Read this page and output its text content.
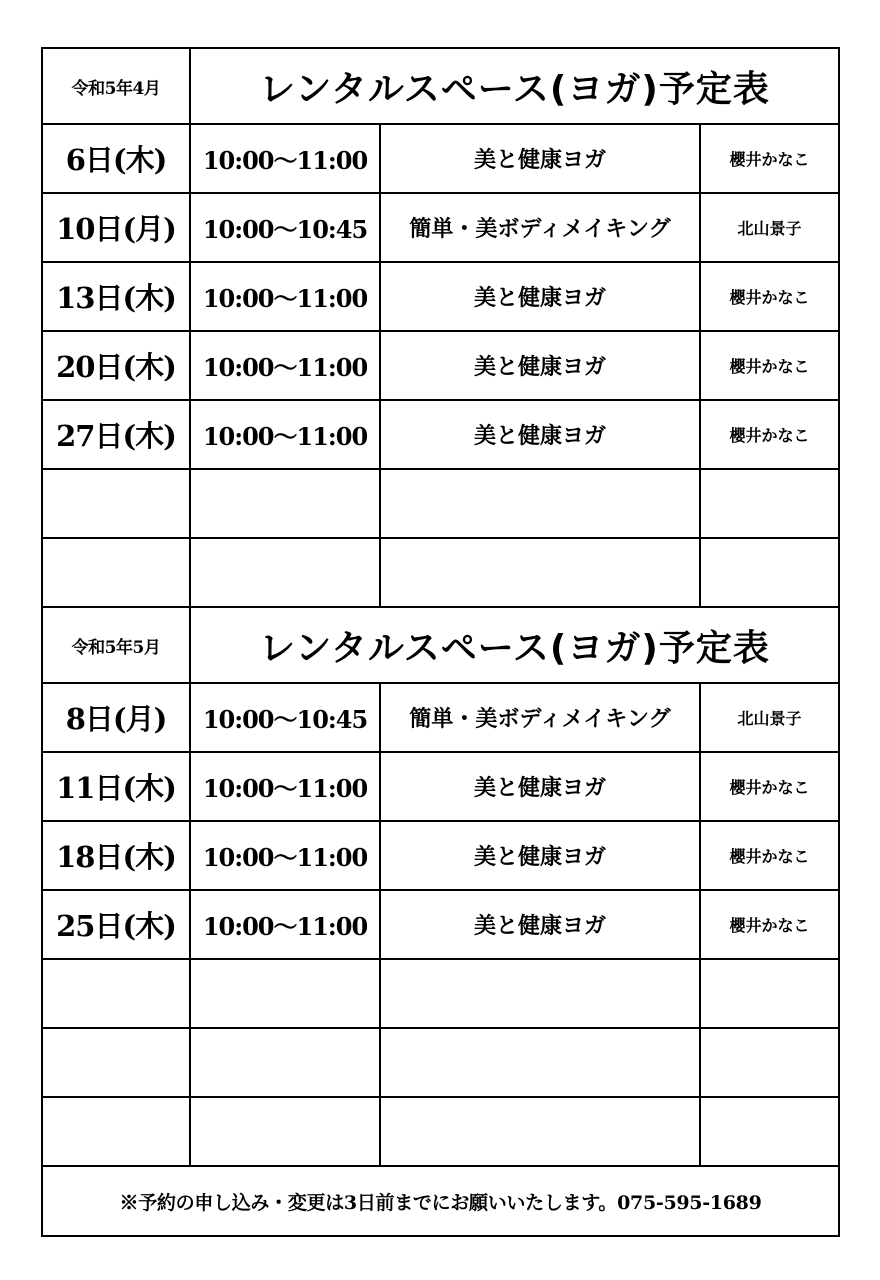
令和5年4月	レンタルスペース(ヨガ)予定表		
6日(木)	10:00～11:00	美と健康ヨガ	櫻井かなこ
10日(月)	10:00～10:45	簡単・美ボディメイキング	北山景子
13日(木)	10:00～11:00	美と健康ヨガ	櫻井かなこ
20日(木)	10:00～11:00	美と健康ヨガ	櫻井かなこ
27日(木)	10:00～11:00	美と健康ヨガ	櫻井かなこ

令和5年5月	レンタルスペース(ヨガ)予定表		
8日(月)	10:00～10:45	簡単・美ボディメイキング	北山景子
11日(木)	10:00～11:00	美と健康ヨガ	櫻井かなこ
18日(木)	10:00～11:00	美と健康ヨガ	櫻井かなこ
25日(木)	10:00～11:00	美と健康ヨガ	櫻井かなこ

※予約の申し込み・変更は3日前までにお願いいたします。075-595-1689			
